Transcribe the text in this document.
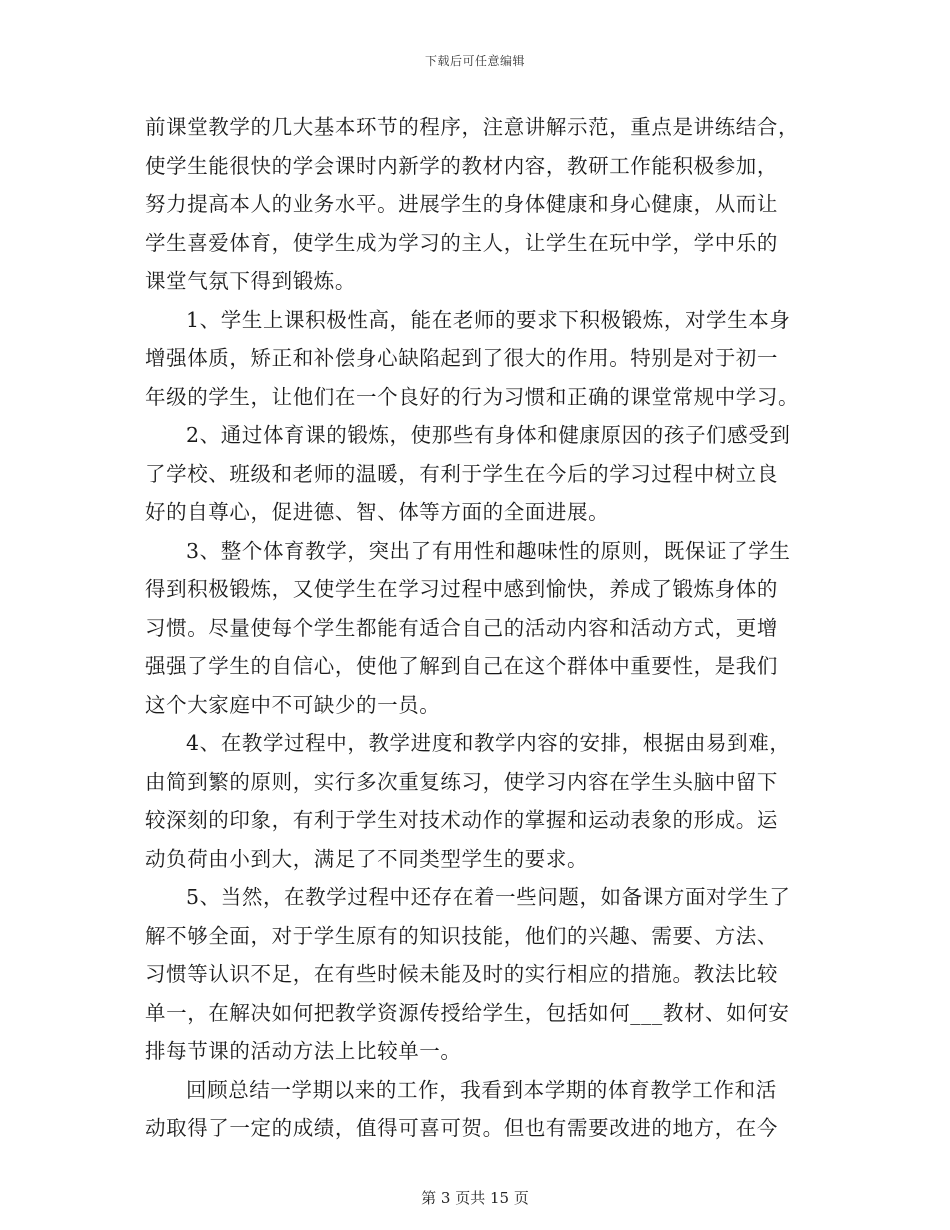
下载后可任意编辑

前课堂教学的几大基本环节的程序，注意讲解示范，重点是讲练结合，
使学生能很快的学会课时内新学的教材内容，教研工作能积极参加，
努力提高本人的业务水平。进展学生的身体健康和身心健康，从而让
学生喜爱体育，使学生成为学习的主人，让学生在玩中学，学中乐的
课堂气氛下得到锻炼。

1、学生上课积极性高，能在老师的要求下积极锻炼，对学生本身
增强体质，矫正和补偿身心缺陷起到了很大的作用。特别是对于初一
年级的学生，让他们在一个良好的行为习惯和正确的课堂常规中学习。

2、通过体育课的锻炼，使那些有身体和健康原因的孩子们感受到
了学校、班级和老师的温暖，有利于学生在今后的学习过程中树立良
好的自尊心，促进德、智、体等方面的全面进展。

3、整个体育教学，突出了有用性和趣味性的原则，既保证了学生
得到积极锻炼，又使学生在学习过程中感到愉快，养成了锻炼身体的
习惯。尽量使每个学生都能有适合自己的活动内容和活动方式，更增
强强了学生的自信心，使他了解到自己在这个群体中重要性，是我们
这个大家庭中不可缺少的一员。

4、在教学过程中，教学进度和教学内容的安排，根据由易到难，
由简到繁的原则，实行多次重复练习，使学习内容在学生头脑中留下
较深刻的印象，有利于学生对技术动作的掌握和运动表象的形成。运
动负荷由小到大，满足了不同类型学生的要求。

5、当然，在教学过程中还存在着一些问题，如备课方面对学生了
解不够全面，对于学生原有的知识技能，他们的兴趣、需要、方法、
习惯等认识不足，在有些时候未能及时的实行相应的措施。教法比较
单一，在解决如何把教学资源传授给学生，包括如何___教材、如何安
排每节课的活动方法上比较单一。

回顾总结一学期以来的工作，我看到本学期的体育教学工作和活
动取得了一定的成绩，值得可喜可贺。但也有需要改进的地方，在今

第 3 页共 15 页
